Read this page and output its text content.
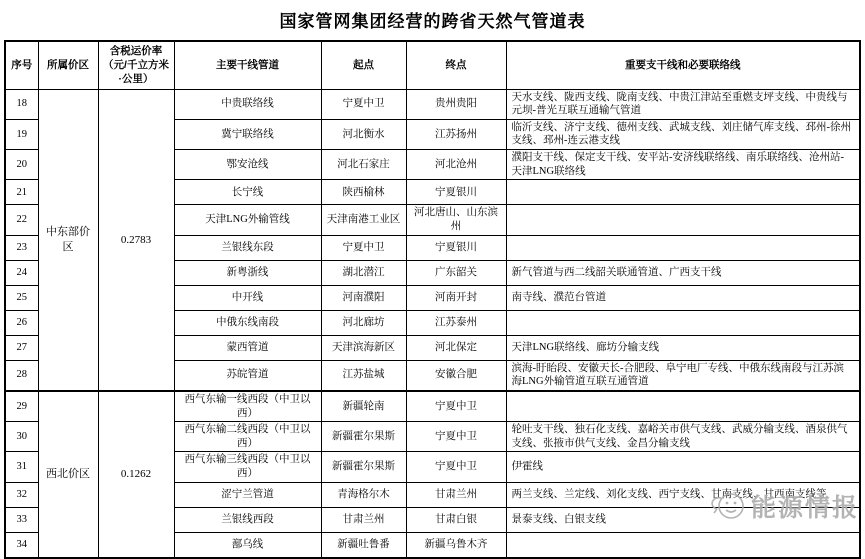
国家管网集团经营的跨省天然气管道表
序号	所属价区	含税运价率（元/千立方米·公里）	主要干线管道	起点	终点	重要支干线和必要联络线
18	中东部价区	0.2783	中贵联络线	宁夏中卫	贵州贵阳	天水支线、陇西支线、陇南支线、中贵江津站至重燃支坪支线、中贵线与元坝-普光互联互通输气管道
19			冀宁联络线	河北衡水	江苏扬州	临沂支线、济宁支线、德州支线、武城支线、刘庄储气库支线、邳州-徐州支线、邳州-连云港支线
20			鄂安沧线	河北石家庄	河北沧州	濮阳支干线、保定支干线、安平站-安济线联络线、南乐联络线、沧州站-天津LNG联络线
21			长宁线	陕西榆林	宁夏银川	
22			天津LNG外输管线	天津南港工业区	河北唐山、山东滨州	
23			兰银线东段	宁夏中卫	宁夏银川	
24			新粤浙线	湖北潜江	广东韶关	新气管道与西二线韶关联通管道、广西支干线
25			中开线	河南濮阳	河南开封	南寺线、濮范台管道
26			中俄东线南段	河北廊坊	江苏泰州	
27			蒙西管道	天津滨海新区	河北保定	天津LNG联络线、廊坊分输支线
28			苏皖管道	江苏盐城	安徽合肥	滨海-盱眙段、安徽天长-合肥段、阜宁电厂专线、中俄东线南段与江苏滨海LNG外输管道互联互通管道
29	西北价区	0.1262	西气东输一线西段（中卫以西）	新疆轮南	宁夏中卫	
30			西气东输二线西段（中卫以西）	新疆霍尔果斯	宁夏中卫	轮吐支干线、独石化支线、嘉峪关市供气支线、武威分输支线、酒泉供气支线、张掖市供气支线、金昌分输支线
31			西气东输三线西段（中卫以西）	新疆霍尔果斯	宁夏中卫	伊霍线
32			涩宁兰管道	青海格尔木	甘肃兰州	两兰支线、兰定线、刘化支线、西宁支线、甘南支线、甘西南支线等
33			兰银线西段	甘肃兰州	甘肃白银	景泰支线、白银支线
34			鄯乌线	新疆吐鲁番	新疆乌鲁木齐	
能源情报
